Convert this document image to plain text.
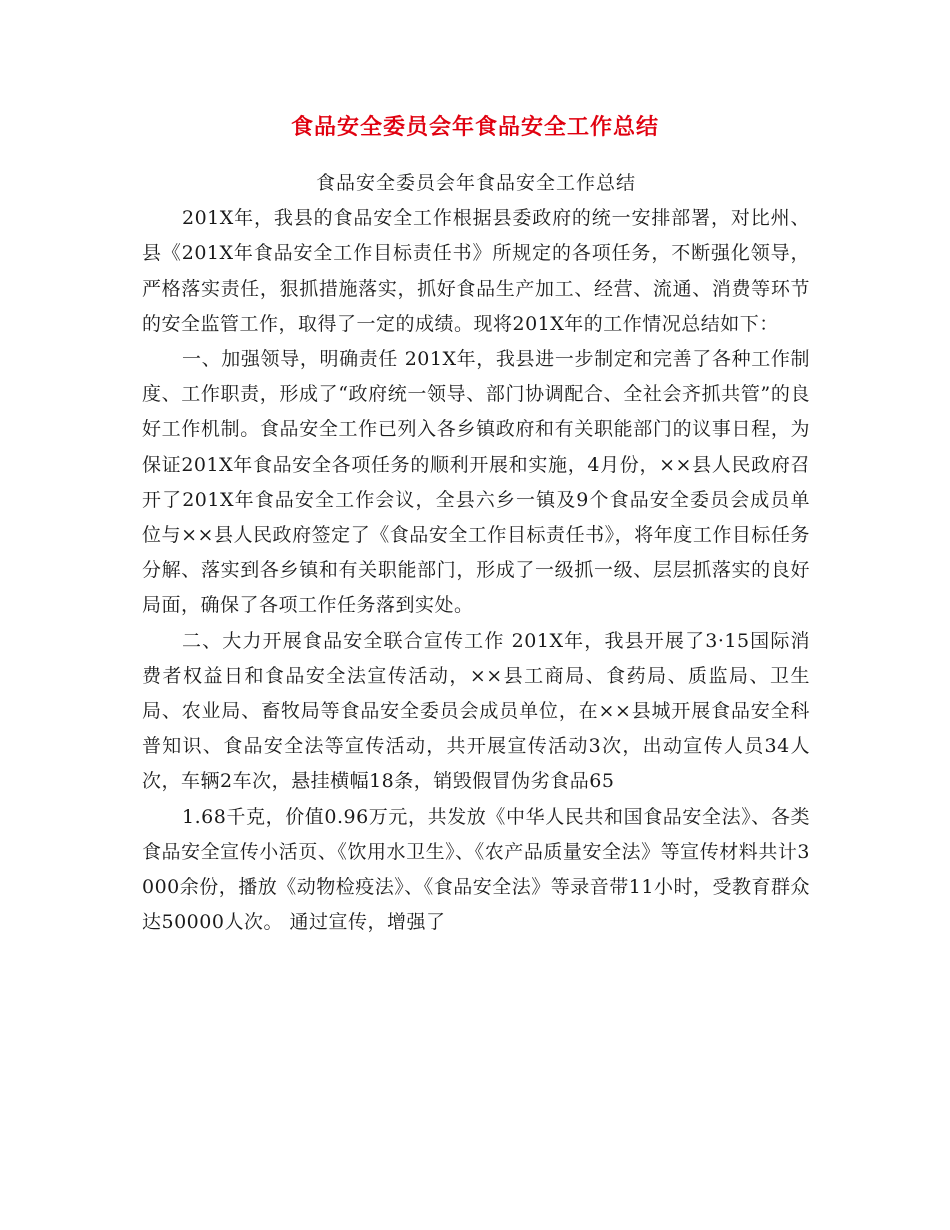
食品安全委员会年食品安全工作总结

食品安全委员会年食品安全工作总结

201X年，我县的食品安全工作根据县委政府的统一安排部署，对比州、县《201X年食品安全工作目标责任书》所规定的各项任务，不断强化领导，严格落实责任，狠抓措施落实，抓好食品生产加工、经营、流通、消费等环节的安全监管工作，取得了一定的成绩。现将201X年的工作情况总结如下：

一、加强领导，明确责任 201X年，我县进一步制定和完善了各种工作制度、工作职责，形成了“政府统一领导、部门协调配合、全社会齐抓共管”的良好工作机制。食品安全工作已列入各乡镇政府和有关职能部门的议事日程，为保证201X年食品安全各项任务的顺利开展和实施，4月份，××县人民政府召开了201X年食品安全工作会议，全县六乡一镇及9个食品安全委员会成员单位与××县人民政府签定了《食品安全工作目标责任书》，将年度工作目标任务分解、落实到各乡镇和有关职能部门，形成了一级抓一级、层层抓落实的良好局面，确保了各项工作任务落到实处。

二、大力开展食品安全联合宣传工作 201X年，我县开展了3·15国际消费者权益日和食品安全法宣传活动，××县工商局、食药局、质监局、卫生局、农业局、畜牧局等食品安全委员会成员单位，在××县城开展食品安全科普知识、食品安全法等宣传活动，共开展宣传活动3次，出动宣传人员34人次，车辆2车次，悬挂横幅18条，销毁假冒伪劣食品65

1.68千克，价值0.96万元，共发放《中华人民共和国食品安全法》、各类食品安全宣传小活页、《饮用水卫生》、《农产品质量安全法》等宣传材料共计3000余份，播放《动物检疫法》、《食品安全法》等录音带11小时，受教育群众达50000人次。 通过宣传，增强了
